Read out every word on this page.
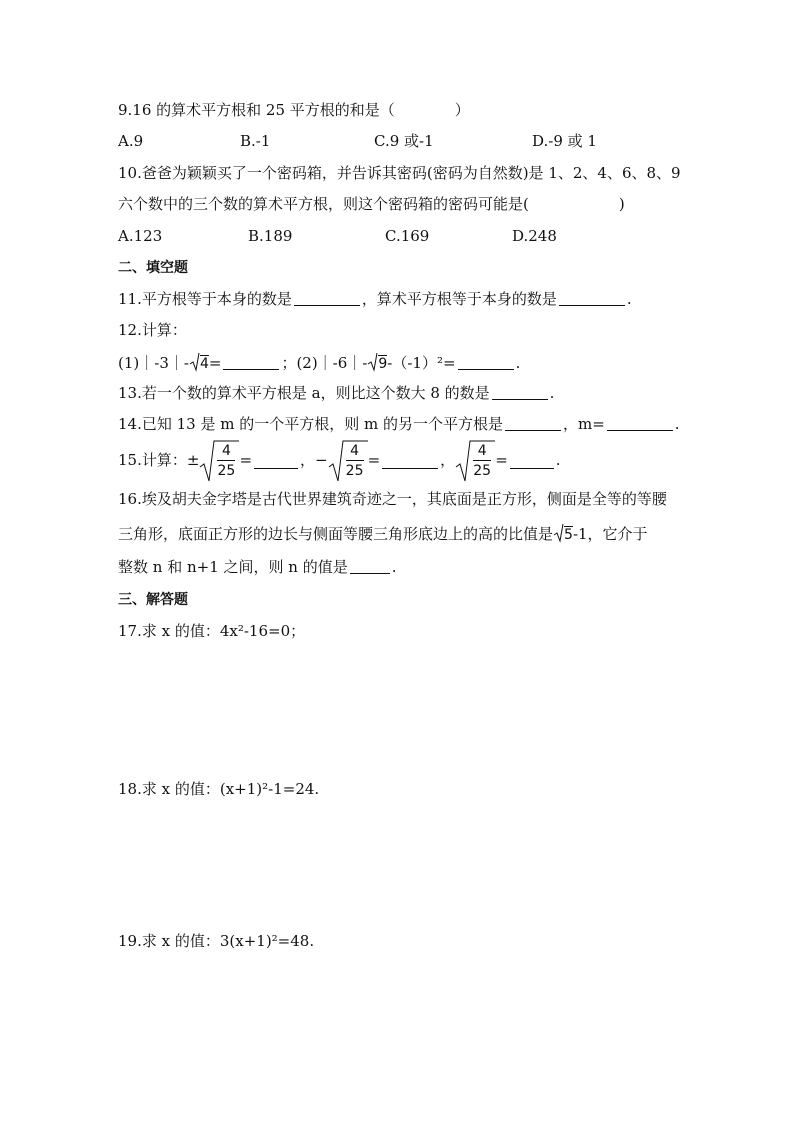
9.16 的算术平方根和 25 平方根的和是（　　　　）
A.9	B.-1	C.9 或-1	D.-9 或 1
10.爸爸为颖颖买了一个密码箱，并告诉其密码(密码为自然数)是 1、2、4、6、8、9
六个数中的三个数的算术平方根，则这个密码箱的密码可能是(　　　　　　)
A.123	B.189	C.169	D.248
二、填空题
11.平方根等于本身的数是	，算术平方根等于本身的数是	.
12.计算：
(1)｜-3｜- 4=	；(2)｜-6｜- 9-（-1）²=	.
13.若一个数的算术平方根是 a，则比这个数大 8 的数是	.
14.已知 13 是 m 的一个平方根，则 m 的另一个平方根是	，m=	.
15.计算：± $\frac{4}{25}$ =	，− $\frac{4}{25}$ =	， $\frac{4}{25}$ =	.
16.埃及胡夫金字塔是古代世界建筑奇迹之一，其底面是正方形，侧面是全等的等腰
三角形，底面正方形的边长与侧面等腰三角形底边上的高的比值是 5-1，它介于
整数 n 和 n+1 之间，则 n 的值是	.
三、解答题
17.求 x 的值：4x²-16=0；
18.求 x 的值：(x+1)²-1=24.
19.求 x 的值：3(x+1)²=48.
